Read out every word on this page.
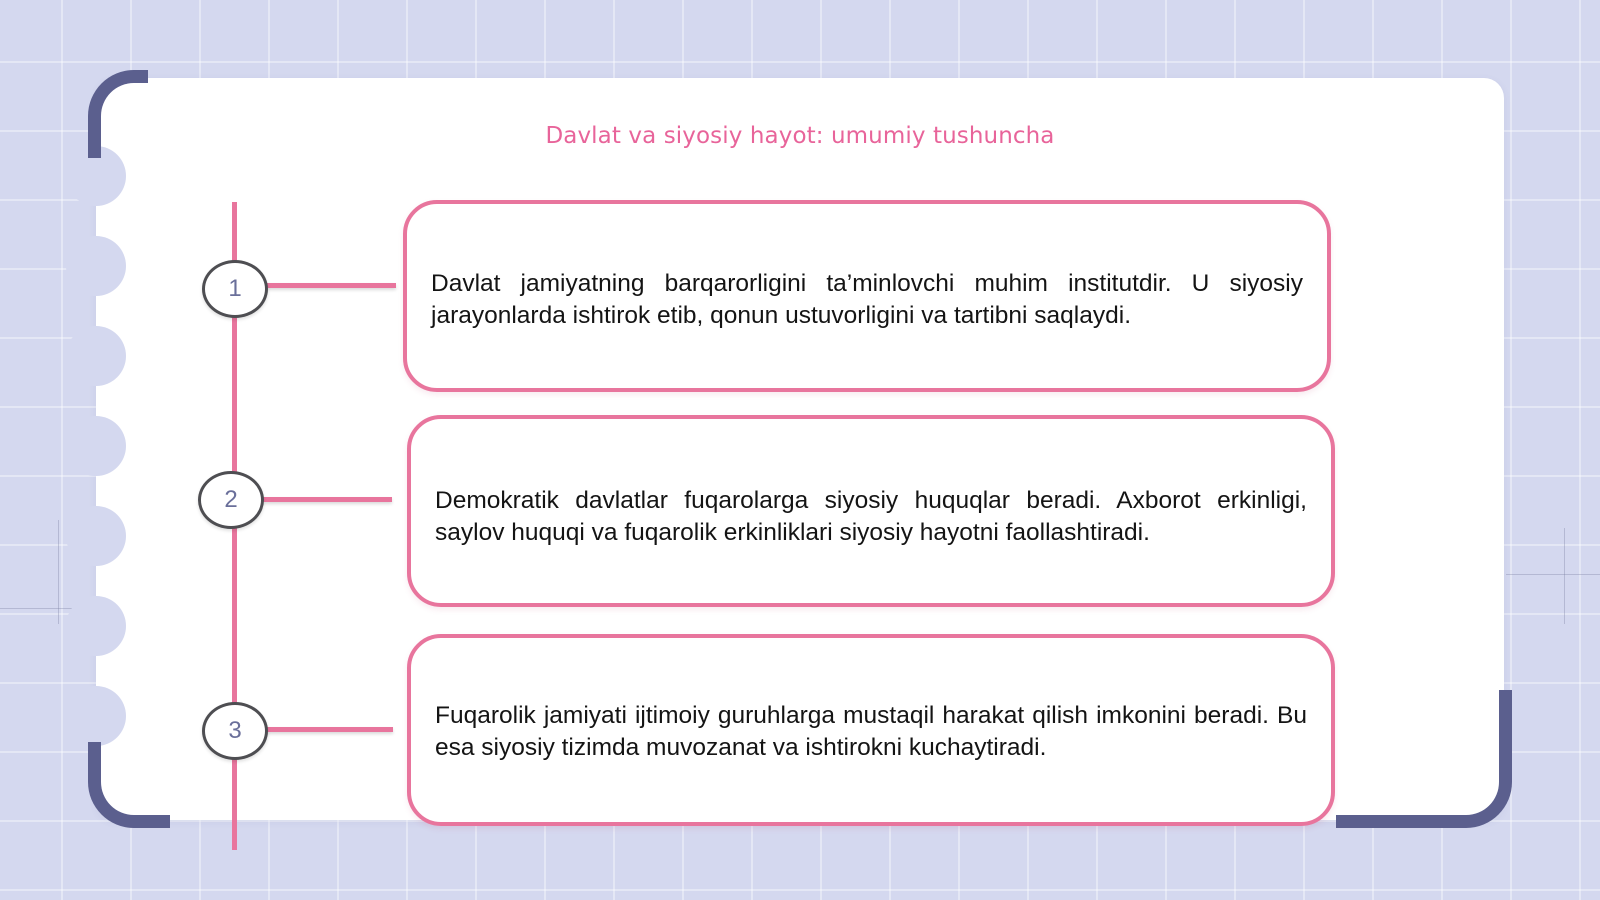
Davlat va siyosiy hayot: umumiy tushuncha
1	Davlat jamiyatning barqarorligini ta’minlovchi muhim institutdir. U siyosiy jarayonlarda ishtirok etib, qonun ustuvorligini va tartibni saqlaydi.

2	Demokratik davlatlar fuqarolarga siyosiy huquqlar beradi. Axborot erkinligi, saylov huquqi va fuqarolik erkinliklari siyosiy hayotni faollashtiradi.

3

Fuqarolik jamiyati ijtimoiy guruhlarga mustaqil harakat qilish imkonini beradi. Bu esa siyosiy tizimda muvozanat va ishtirokni kuchaytiradi.
